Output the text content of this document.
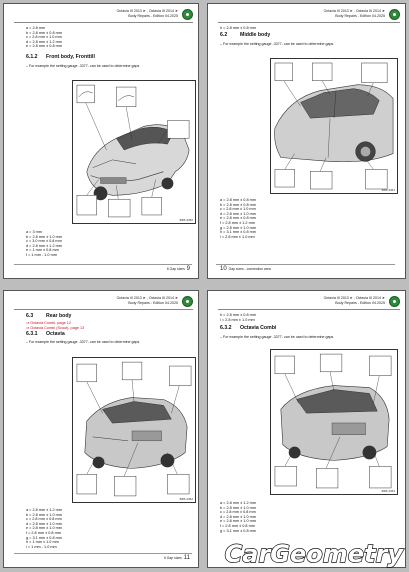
Octavia III 2013 ➤ , Octavia III 2014 ➤
Body Repairs - Edition 04.2025
a = 2.8 mm
b = 2.8 mm ± 0.8 mm
c = 2.8 mm ± 1.0 mm
d = 2.8 mm ± 1.2 mm
e = 2.8 mm ± 0.8 mm
6.1.2 Front body, Fronttill
– For example the setting gauge -3377- can be used to determine gaps
B4B-3450
a = 3 mm
b = 2.8 mm ± 1.0 mm
c = 3.0 mm ± 0.8 mm
d = 2.8 mm ± 1.2 mm
e = 1 mm ± 0.8 mm
f = 1 mm - 1.0 mm
6 Gap sizes 9
Octavia III 2013 ➤ , Octavia III 2014 ➤
Body Repairs - Edition 04.2025
h = 2.8 mm ± 0.8 mm
6.2 Middle body
– For example the setting gauge -3377- can be used to determine gaps
B4B-3451
a = 2.8 mm ± 0.8 mm
b = 2.8 mm ± 0.8 mm
c = 2.8 mm ± 1.0 mm
d = 2.8 mm ± 1.0 mm
e = 2.8 mm ± 0.8 mm
f = 2.8 mm ± 1.2 mm
g = 2.8 mm ± 1.0 mm
h = 3.1 mm ± 0.8 mm
i = 2.8 mm ± 1.0 mm
10 Gap sizes - connection area
Octavia III 2013 ➤ , Octavia III 2014 ➤
Body Repairs - Edition 04.2025
6.3 Rear body
⇒ Octavia Combi, page 12
⇒ Octavia Combi (Scout), page 13
6.3.1 Octavia
– For example the setting gauge -3377- can be used to determine gaps
B4B-3452
a = 2.8 mm ± 1.2 mm
b = 2.8 mm ± 1.0 mm
c = 2.8 mm ± 0.8 mm
d = 2.8 mm ± 1.0 mm
e = 2.8 mm ± 1.0 mm
f = 2.8 mm ± 0.8 mm
g = 3.1 mm ± 0.8 mm
h = 1 mm ± 1.0 mm
i = 1 mm - 1.0 mm
6 Gap sizes 11
Octavia III 2013 ➤ , Octavia III 2014 ➤
Body Repairs - Edition 04.2025
h = 2.8 mm ± 0.8 mm
i = 2.8 mm ± 1.0 mm
6.3.2 Octavia Combi
– For example the setting gauge -3377- can be used to determine gaps
B4B-3453
a = 2.8 mm ± 1.2 mm
b = 2.8 mm ± 1.0 mm
c = 2.8 mm ± 0.8 mm
d = 2.8 mm ± 1.0 mm
e = 2.8 mm ± 1.0 mm
f = 2.8 mm ± 0.8 mm
g = 3.1 mm ± 0.8 mm
CarGeometry
